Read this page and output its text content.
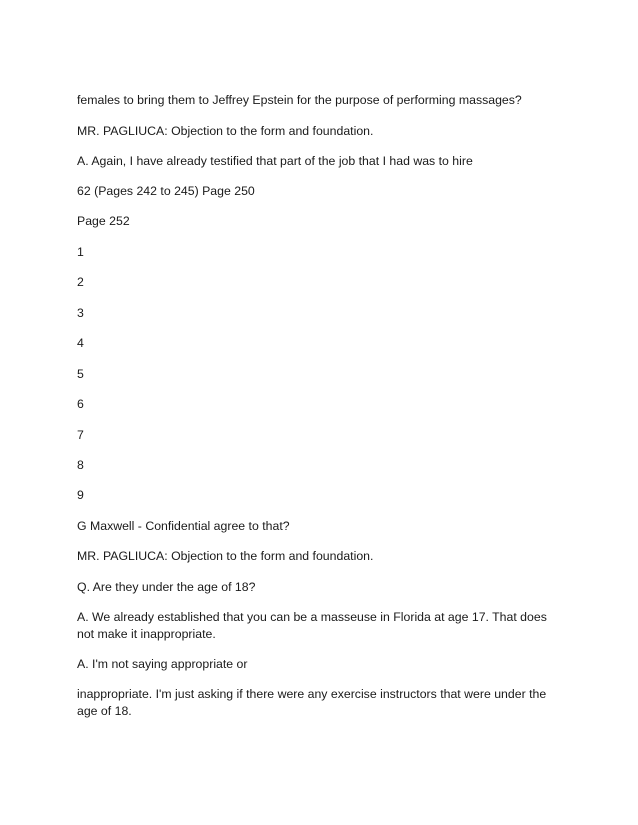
females to bring them to Jeffrey Epstein for the purpose of performing massages?

MR. PAGLIUCA: Objection to the form and foundation.

A. Again, I have already testified that part of the job that I had was to hire

62 (Pages 242 to 245) Page 250

Page 252

1

2

3

4

5

6

7

8

9

G Maxwell - Confidential agree to that?

MR. PAGLIUCA: Objection to the form and foundation.

Q. Are they under the age of 18?

A. We already established that you can be a masseuse in Florida at age 17. That does not make it inappropriate.

A. I'm not saying appropriate or

inappropriate. I'm just asking if there were any exercise instructors that were under the age of 18.
